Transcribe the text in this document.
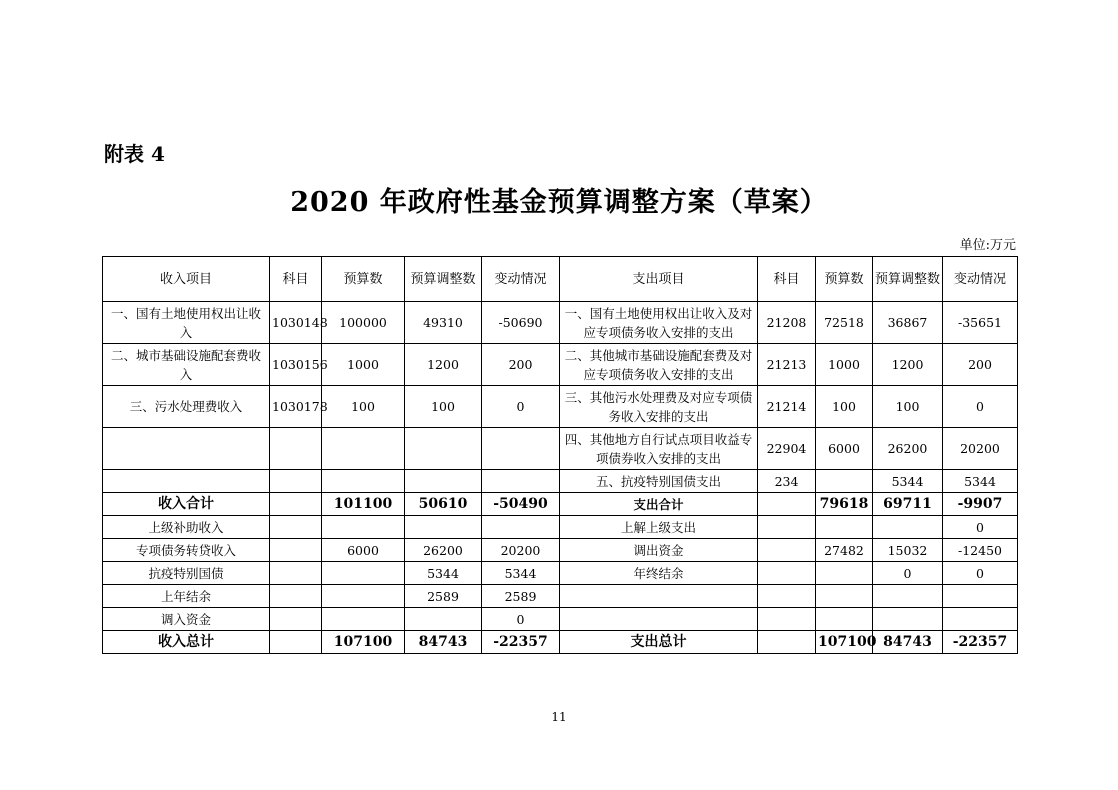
附表 4
2020 年政府性基金预算调整方案（草案）
单位:万元
收入项目	科目	预算数	预算调整数	变动情况	支出项目	科目	预算数	预算调整数	变动情况
一、国有土地使用权出让收入	1030148	100000	49310	-50690	一、国有土地使用权出让收入及对应专项债务收入安排的支出	21208	72518	36867	-35651
二、城市基础设施配套费收入	1030156	1000	1200	200	二、其他城市基础设施配套费及对应专项债务收入安排的支出	21213	1000	1200	200
三、污水处理费收入	1030178	100	100	0	三、其他污水处理费及对应专项债务收入安排的支出	21214	100	100	0
					四、其他地方自行试点项目收益专项债券收入安排的支出	22904	6000	26200	20200
					五、抗疫特别国债支出	234		5344	5344
收入合计		101100	50610	-50490	支出合计		79618	69711	-9907
上级补助收入					上解上级支出				0
专项债务转贷收入		6000	26200	20200	调出资金		27482	15032	-12450
抗疫特别国债			5344	5344	年终结余			0	0
上年结余			2589	2589					
调入资金				0					
收入总计		107100	84743	-22357	支出总计		107100	84743	-22357
11
